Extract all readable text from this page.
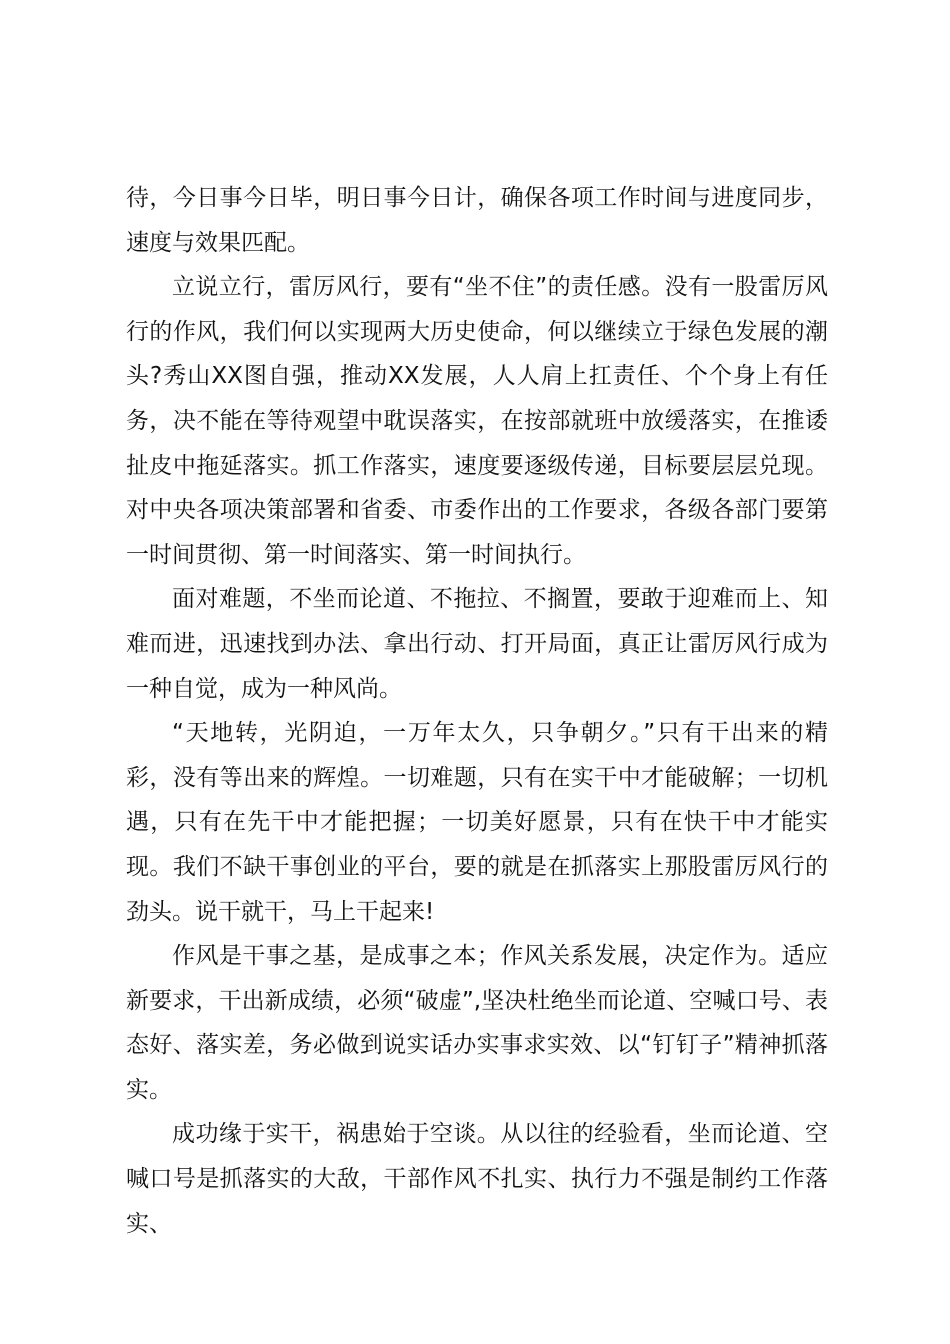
待，今日事今日毕，明日事今日计，确保各项工作时间与进度同步，速度与效果匹配。

立说立行，雷厉风行，要有“坐不住”的责任感。没有一股雷厉风行的作风，我们何以实现两大历史使命，何以继续立于绿色发展的潮头?秀山XX图自强，推动XX发展，人人肩上扛责任、个个身上有任务，决不能在等待观望中耽误落实，在按部就班中放缓落实，在推诿扯皮中拖延落实。抓工作落实，速度要逐级传递，目标要层层兑现。对中央各项决策部署和省委、市委作出的工作要求，各级各部门要第一时间贯彻、第一时间落实、第一时间执行。

面对难题，不坐而论道、不拖拉、不搁置，要敢于迎难而上、知难而进，迅速找到办法、拿出行动、打开局面，真正让雷厉风行成为一种自觉，成为一种风尚。

“天地转，光阴迫，一万年太久，只争朝夕。”只有干出来的精彩，没有等出来的辉煌。一切难题，只有在实干中才能破解；一切机遇，只有在先干中才能把握；一切美好愿景，只有在快干中才能实现。我们不缺干事创业的平台，要的就是在抓落实上那股雷厉风行的劲头。说干就干，马上干起来!

作风是干事之基，是成事之本；作风关系发展，决定作为。适应新要求，干出新成绩，必须“破虚”,坚决杜绝坐而论道、空喊口号、表态好、落实差，务必做到说实话办实事求实效、以“钉钉子”精神抓落实。

成功缘于实干，祸患始于空谈。从以往的经验看，坐而论道、空喊口号是抓落实的大敌，干部作风不扎实、执行力不强是制约工作落实、
